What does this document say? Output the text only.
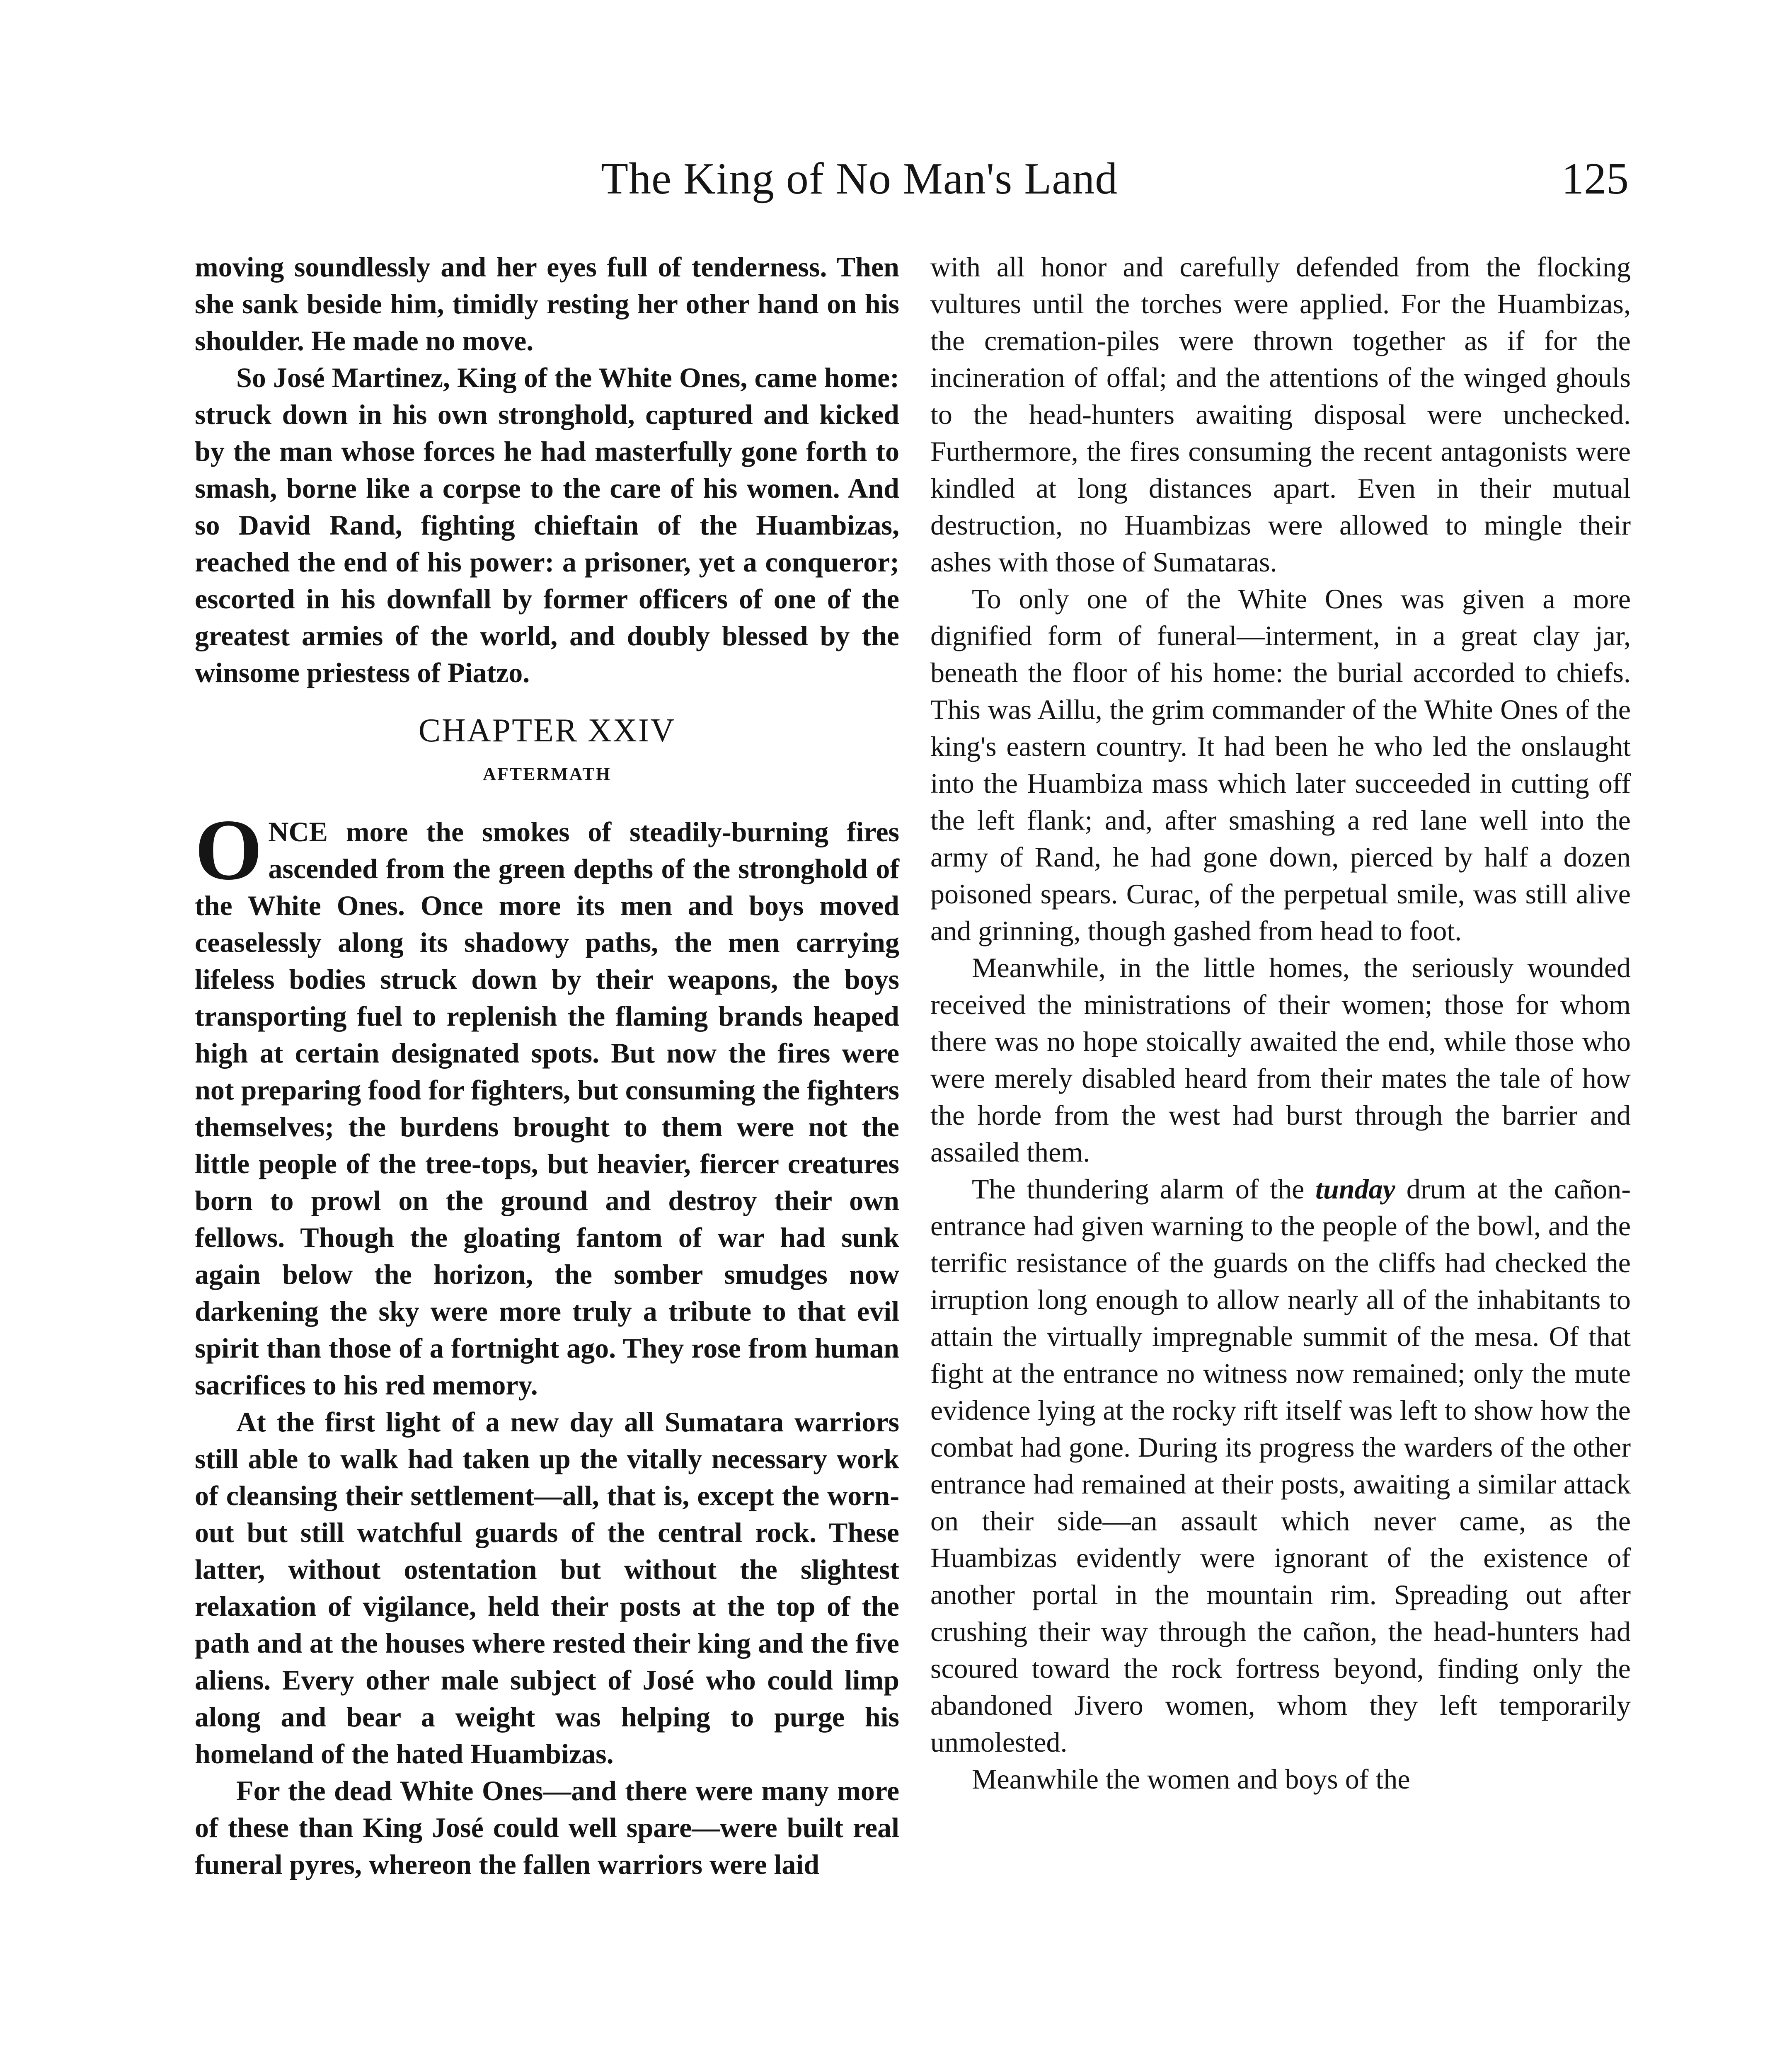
The King of No Man's Land	125

moving soundlessly and her eyes full of tenderness. Then she sank beside him, timidly resting her other hand on his shoulder. He made no move.

So José Martinez, King of the White Ones, came home: struck down in his own stronghold, captured and kicked by the man whose forces he had masterfully gone forth to smash, borne like a corpse to the care of his women. And so David Rand, fighting chieftain of the Huambizas, reached the end of his power: a prisoner, yet a conqueror; escorted in his downfall by former officers of one of the greatest armies of the world, and doubly blessed by the winsome priestess of Piatzo.

CHAPTER XXIV
AFTERMATH

ONCE more the smokes of steadily-burning fires ascended from the green depths of the stronghold of the White Ones. Once more its men and boys moved ceaselessly along its shadowy paths, the men carrying lifeless bodies struck down by their weapons, the boys transporting fuel to replenish the flaming brands heaped high at certain designated spots. But now the fires were not preparing food for fighters, but consuming the fighters themselves; the burdens brought to them were not the little people of the tree-tops, but heavier, fiercer creatures born to prowl on the ground and destroy their own fellows. Though the gloating fantom of war had sunk again below the horizon, the somber smudges now darkening the sky were more truly a tribute to that evil spirit than those of a fortnight ago. They rose from human sacrifices to his red memory.

At the first light of a new day all Sumatara warriors still able to walk had taken up the vitally necessary work of cleansing their settlement—all, that is, except the worn-out but still watchful guards of the central rock. These latter, without ostentation but without the slightest relaxation of vigilance, held their posts at the top of the path and at the houses where rested their king and the five aliens. Every other male subject of José who could limp along and bear a weight was helping to purge his homeland of the hated Huambizas.

For the dead White Ones—and there were many more of these than King José could well spare—were built real funeral pyres, whereon the fallen warriors were laid

with all honor and carefully defended from the flocking vultures until the torches were applied. For the Huambizas, the cremation-piles were thrown together as if for the incineration of offal; and the attentions of the winged ghouls to the head-hunters awaiting disposal were unchecked. Furthermore, the fires consuming the recent antagonists were kindled at long distances apart. Even in their mutual destruction, no Huambizas were allowed to mingle their ashes with those of Sumataras.

To only one of the White Ones was given a more dignified form of funeral—interment, in a great clay jar, beneath the floor of his home: the burial accorded to chiefs. This was Aillu, the grim commander of the White Ones of the king's eastern country. It had been he who led the onslaught into the Huambiza mass which later succeeded in cutting off the left flank; and, after smashing a red lane well into the army of Rand, he had gone down, pierced by half a dozen poisoned spears. Curac, of the perpetual smile, was still alive and grinning, though gashed from head to foot.

Meanwhile, in the little homes, the seriously wounded received the ministrations of their women; those for whom there was no hope stoically awaited the end, while those who were merely disabled heard from their mates the tale of how the horde from the west had burst through the barrier and assailed them.

The thundering alarm of the tunday drum at the cañon-entrance had given warning to the people of the bowl, and the terrific resistance of the guards on the cliffs had checked the irruption long enough to allow nearly all of the inhabitants to attain the virtually impregnable summit of the mesa. Of that fight at the entrance no witness now remained; only the mute evidence lying at the rocky rift itself was left to show how the combat had gone. During its progress the warders of the other entrance had remained at their posts, awaiting a similar attack on their side—an assault which never came, as the Huambizas evidently were ignorant of the existence of another portal in the mountain rim. Spreading out after crushing their way through the cañon, the head-hunters had scoured toward the rock fortress beyond, finding only the abandoned Jivero women, whom they left temporarily unmolested.

Meanwhile the women and boys of the
